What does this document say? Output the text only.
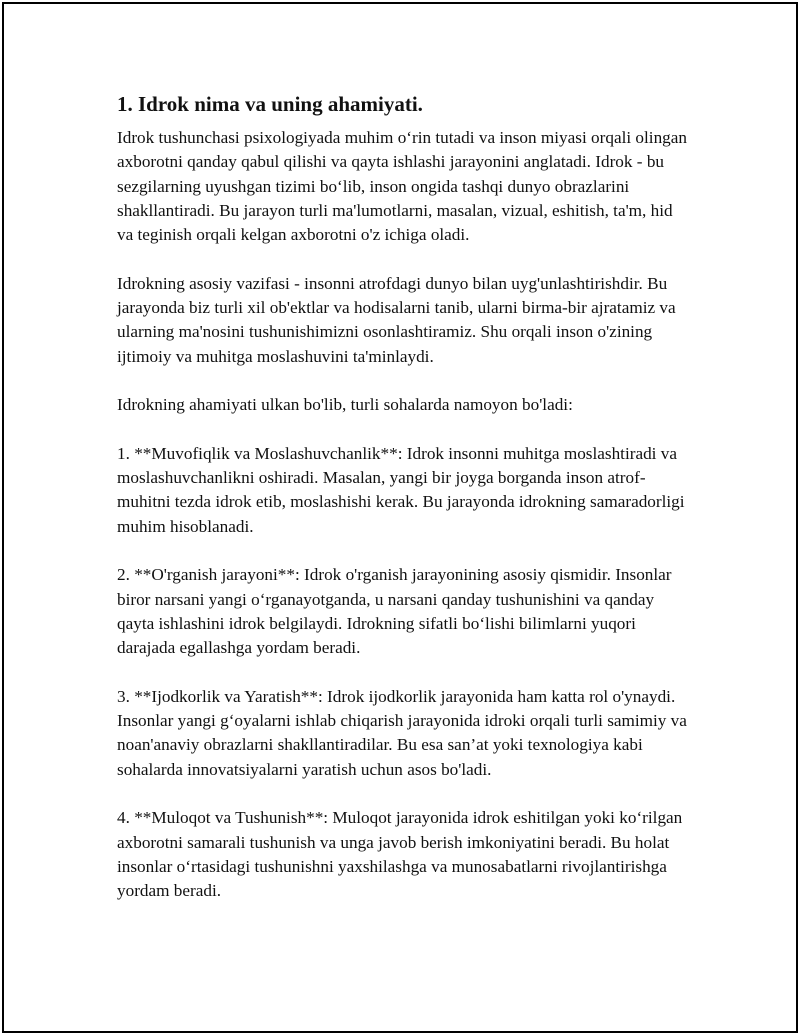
1. Idrok nima va uning ahamiyati.

Idrok tushunchasi psixologiyada muhim o‘rin tutadi va inson miyasi orqali olingan axborotni qanday qabul qilishi va qayta ishlashi jarayonini anglatadi. Idrok - bu sezgilarning uyushgan tizimi bo‘lib, inson ongida tashqi dunyo obrazlarini shakllantiradi. Bu jarayon turli ma'lumotlarni, masalan, vizual, eshitish, ta'm, hid va teginish orqali kelgan axborotni o'z ichiga oladi.

Idrokning asosiy vazifasi - insonni atrofdagi dunyo bilan uyg'unlashtirishdir. Bu jarayonda biz turli xil ob'ektlar va hodisalarni tanib, ularni birma-bir ajratamiz va ularning ma'nosini tushunishimizni osonlashtiramiz. Shu orqali inson o'zining ijtimoiy va muhitga moslashuvini ta'minlaydi.

Idrokning ahamiyati ulkan bo'lib, turli sohalarda namoyon bo'ladi:

1. **Muvofiqlik va Moslashuvchanlik**: Idrok insonni muhitga moslashtiradi va moslashuvchanlikni oshiradi. Masalan, yangi bir joyga borganda inson atrof-muhitni tezda idrok etib, moslashishi kerak. Bu jarayonda idrokning samaradorligi muhim hisoblanadi.

2. **O'rganish jarayoni**: Idrok o'rganish jarayonining asosiy qismidir. Insonlar biror narsani yangi o‘rganayotganda, u narsani qanday tushunishini va qanday qayta ishlashini idrok belgilaydi. Idrokning sifatli bo‘lishi bilimlarni yuqori darajada egallashga yordam beradi.

3. **Ijodkorlik va Yaratish**: Idrok ijodkorlik jarayonida ham katta rol o'ynaydi. Insonlar yangi g‘oyalarni ishlab chiqarish jarayonida idroki orqali turli samimiy va noan'anaviy obrazlarni shakllantiradilar. Bu esa san’at yoki texnologiya kabi sohalarda innovatsiyalarni yaratish uchun asos bo'ladi.

4. **Muloqot va Tushunish**: Muloqot jarayonida idrok eshitilgan yoki ko‘rilgan axborotni samarali tushunish va unga javob berish imkoniyatini beradi. Bu holat insonlar o‘rtasidagi tushunishni yaxshilashga va munosabatlarni rivojlantirishga yordam beradi.
